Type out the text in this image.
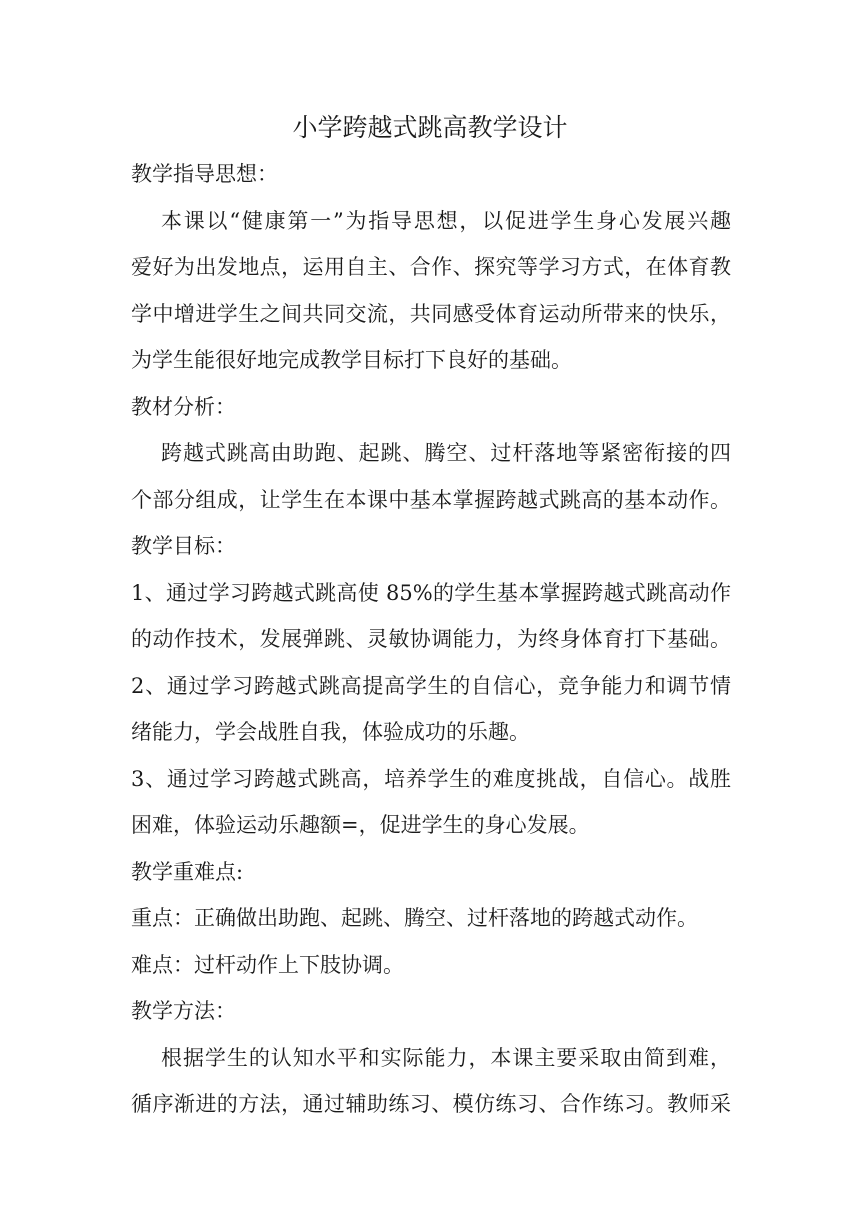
小学跨越式跳高教学设计
教学指导思想：
本课以“健康第一”为指导思想，以促进学生身心发展兴趣
爱好为出发地点，运用自主、合作、探究等学习方式，在体育教
学中增进学生之间共同交流，共同感受体育运动所带来的快乐，
为学生能很好地完成教学目标打下良好的基础。
教材分析：
跨越式跳高由助跑、起跳、腾空、过杆落地等紧密衔接的四
个部分组成，让学生在本课中基本掌握跨越式跳高的基本动作。
教学目标：
1、通过学习跨越式跳高使 85%的学生基本掌握跨越式跳高动作
的动作技术，发展弹跳、灵敏协调能力，为终身体育打下基础。
2、通过学习跨越式跳高提高学生的自信心，竞争能力和调节情
绪能力，学会战胜自我，体验成功的乐趣。
3、通过学习跨越式跳高，培养学生的难度挑战，自信心。战胜
困难，体验运动乐趣额=，促进学生的身心发展。
教学重难点:
重点：正确做出助跑、起跳、腾空、过杆落地的跨越式动作。
难点：过杆动作上下肢协调。
教学方法：
根据学生的认知水平和实际能力，本课主要采取由简到难，
循序渐进的方法，通过辅助练习、模仿练习、合作练习。教师采
